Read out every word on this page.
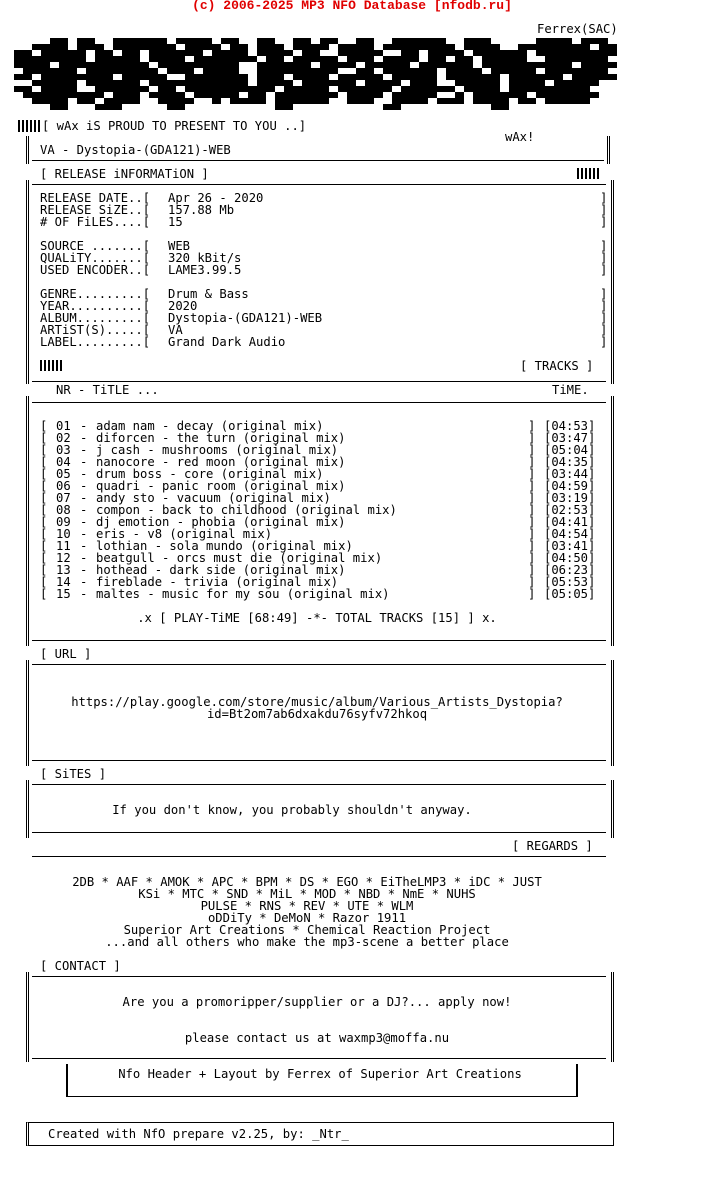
(c) 2006-2025 MP3 NFO Database [nfodb.ru]
Ferrex(SAC)
[ wAx iS PROUD TO PRESENT TO YOU ..]
wAx!
VA - Dystopia-(GDA121)-WEB
[ RELEASE iNFORMATiON ]
RELEASE DATE..[ Apr 26 - 2020	]
RELEASE SiZE..[ 157.88 Mb	]
# OF FiLES....[ 15	]
SOURCE .......[ WEB	]
QUALiTY.......[ 320 kBit/s	]
USED ENCODER..[ LAME3.99.5	]
GENRE.........[ Drum & Bass	]
YEAR..........[ 2020	]
ALBUM.........[ Dystopia-(GDA121)-WEB	]
ARTiST(S).....[ VA	]
LABEL.........[ Grand Dark Audio	]
[ TRACKS ]
NR - TiTLE ...	TiME.
[ 01 - adam nam - decay (original mix)	] [04:53]
[ 02 - diforcen - the turn (original mix)	] [03:47]
[ 03 - j cash - mushrooms (original mix)	] [05:04]
[ 04 - nanocore - red moon (original mix)	] [04:35]
[ 05 - drum boss - core (original mix)	] [03:44]
[ 06 - quadri - panic room (original mix)	] [04:59]
[ 07 - andy sto - vacuum (original mix)	] [03:19]
[ 08 - compon - back to childhood (original mix)	] [02:53]
[ 09 - dj emotion - phobia (original mix)	] [04:41]
[ 10 - eris - v8 (original mix)	] [04:54]
[ 11 - lothian - sola mundo (original mix)	] [03:41]
[ 12 - beatgull - orcs must die (original mix)	] [04:50]
[ 13 - hothead - dark side (original mix)	] [06:23]
[ 14 - fireblade - trivia (original mix)	] [05:53]
[ 15 - maltes - music for my sou (original mix)	] [05:05]
.x [ PLAY-TiME [68:49] -*- TOTAL TRACKS [15] ] x.
[ URL ]
https://play.google.com/store/music/album/Various_Artists_Dystopia?
id=Bt2om7ab6dxakdu76syfv72hkoq
[ SiTES ]
If you don't know, you probably shouldn't anyway.
[ REGARDS ]
2DB * AAF * AMOK * APC * BPM * DS * EGO * EiTheLMP3 * iDC * JUST
KSi * MTC * SND * MiL * MOD * NBD * NmE * NUHS
PULSE * RNS * REV * UTE * WLM
oDDiTy * DeMoN * Razor 1911
Superior Art Creations * Chemical Reaction Project
...and all others who make the mp3-scene a better place
[ CONTACT ]
Are you a promoripper/supplier or a DJ?... apply now!
please contact us at waxmp3@moffa.nu
Nfo Header + Layout by Ferrex of Superior Art Creations
Created with NfO prepare v2.25, by: _Ntr_
